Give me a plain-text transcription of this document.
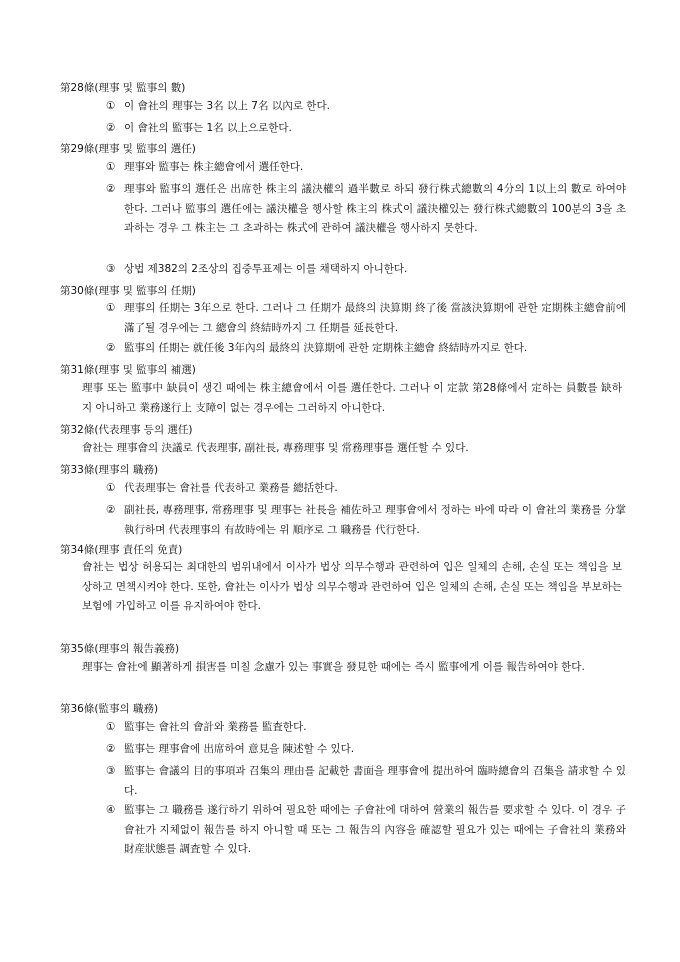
第28條(理事 및 監事의 數)
① 이 會社의 理事는 3名 以上 7名 以內로 한다.
② 이 會社의 監事는 1名 以上으로한다.
第29條(理事 및 監事의 選任)
① 理事와 監事는 株主總會에서 選任한다.
② 理事와 監事의 選任은 出席한 株主의 議決權의 過半數로 하되 發行株式總數의 4分의 1以上의 數로 하여야 한다. 그러나 監事의 選任에는 議決權을 행사할 株主의 株式이 議決權있는 發行株式總數의 100분의 3을 초과하는 경우 그 株主는 그 초과하는 株式에 관하여 議決權을 행사하지 못한다.
③ 상법 제382의 2조상의 집중투표제는 이를 채택하지 아니한다.
第30條(理事 및 監事의 任期)
① 理事의 任期는 3年으로 한다. 그러나 그 任期가 最終의 決算期 終了後 當該決算期에 관한 定期株主總會前에 滿了될 경우에는 그 總會의 終結時까지 그 任期를 延長한다.
② 監事의 任期는 就任後 3年內의 最終의 決算期에 관한 定期株主總會 終結時까지로 한다.
第31條(理事 및 監事의 補選)
理事 또는 監事中 缺員이 생긴 때에는 株主總會에서 이를 選任한다. 그러나 이 定款 第28條에서 定하는 員數를 缺하지 아니하고 業務遂行上 支障이 없는 경우에는 그러하지 아니한다.
第32條(代表理事 등의 選任)
會社는 理事會의 決議로 代表理事, 副社長, 專務理事 및 常務理事를 選任할 수 있다.
第33條(理事의 職務)
① 代表理事는 會社를 代表하고 業務를 總括한다.
② 副社長, 專務理事, 常務理事 및 理事는 社長을 補佐하고 理事會에서 정하는 바에 따라 이 會社의 業務를 分掌 執行하며 代表理事의 有故時에는 위 順序로 그 職務를 代行한다.
第34條(理事 責任의 免責)
會社는 법상 허용되는 최대한의 범위내에서 이사가 법상 의무수행과 관련하여 입은 일체의 손해, 손실 또는 책임을 보상하고 면책시켜야 한다. 또한, 會社는 이사가 법상 의무수행과 관련하여 입은 일체의 손해, 손실 또는 책임을 부보하는 보험에 가입하고 이를 유지하여야 한다.
第35條(理事의 報告義務)
理事는 會社에 顯著하게 損害를 미칠 念慮가 있는 事實을 發見한 때에는 즉시 監事에게 이를 報告하여야 한다.
第36條(監事의 職務)
① 監事는 會社의 會計와 業務를 監査한다.
② 監事는 理事會에 出席하여 意見을 陳述할 수 있다.
③ 監事는 會議의 目的事項과 召集의 理由를 記載한 書面을 理事會에 提出하여 臨時總會의 召集을 請求할 수 있다.
④ 監事는 그 職務를 遂行하기 위하여 필요한 때에는 子會社에 대하여 營業의 報告를 要求할 수 있다. 이 경우 子會社가 지체없이 報告를 하지 아니할 때 또는 그 報告의 內容을 確認할 필요가 있는 때에는 子會社의 業務와 財産狀態를 調査할 수 있다.
